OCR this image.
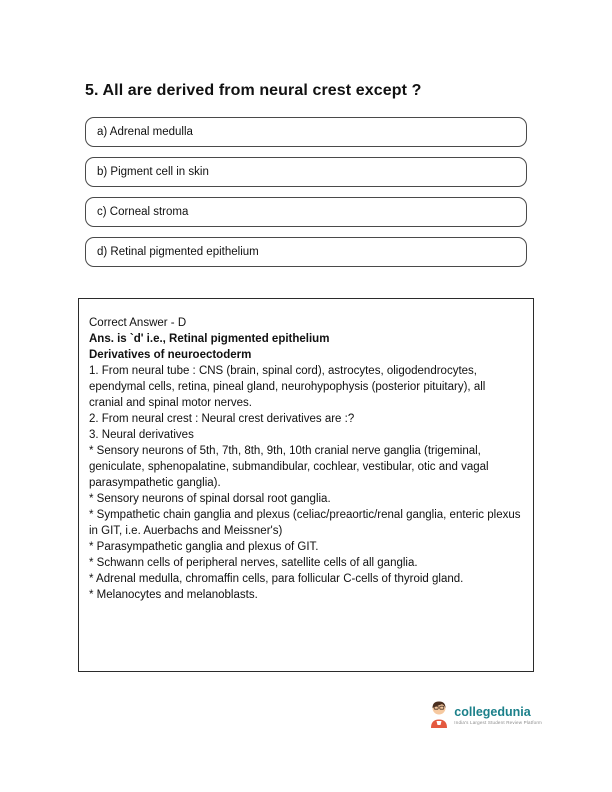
5. All are derived from neural crest except ?
a) Adrenal medulla
b) Pigment cell in skin
c) Corneal stroma
d) Retinal pigmented epithelium
Correct Answer - D
Ans. is `d' i.e., Retinal pigmented epithelium
Derivatives of neuroectoderm
1. From neural tube : CNS (brain, spinal cord), astrocytes, oligodendrocytes, ependymal cells, retina, pineal gland, neurohypophysis (posterior pituitary), all cranial and spinal motor nerves.
2. From neural crest : Neural crest derivatives are :?
3. Neural derivatives
* Sensory neurons of 5th, 7th, 8th, 9th, 10th cranial nerve ganglia (trigeminal, geniculate, sphenopalatine, submandibular, cochlear, vestibular, otic and vagal parasympathetic ganglia).
* Sensory neurons of spinal dorsal root ganglia.
* Sympathetic chain ganglia and plexus (celiac/preaortic/renal ganglia, enteric plexus in GIT, i.e. Auerbachs and Meissner's)
* Parasympathetic ganglia and plexus of GIT.
* Schwann cells of peripheral nerves, satellite cells of all ganglia.
* Adrenal medulla, chromaffin cells, para follicular C-cells of thyroid gland.
* Melanocytes and melanoblasts.
collegedunia
India's Largest Student Review Platform
